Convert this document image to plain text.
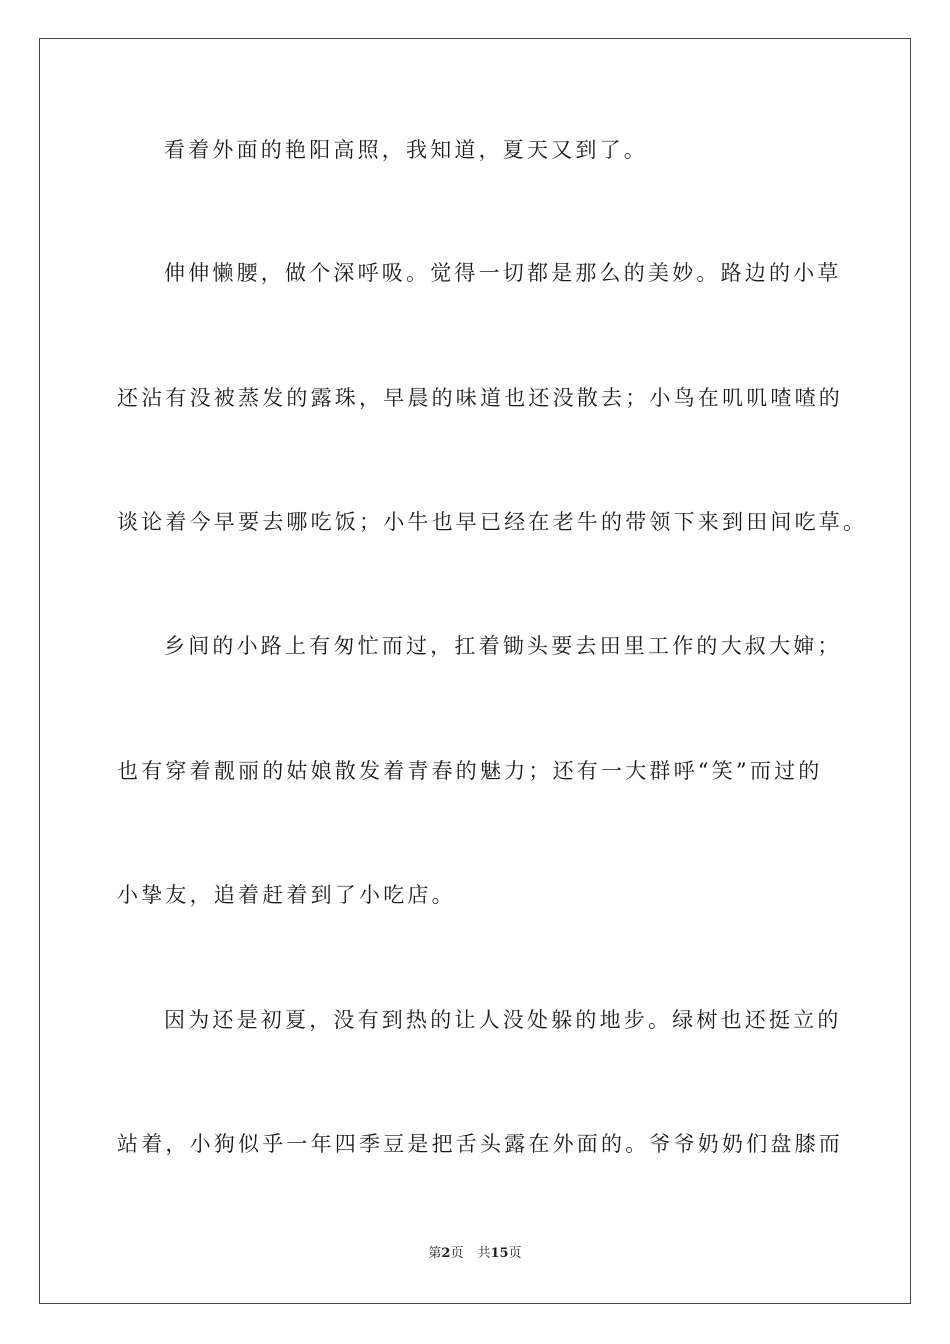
看着外面的艳阳高照，我知道，夏天又到了。
伸伸懒腰，做个深呼吸。觉得一切都是那么的美妙。路边的小草
还沾有没被蒸发的露珠，早晨的味道也还没散去；小鸟在叽叽喳喳的
谈论着今早要去哪吃饭；小牛也早已经在老牛的带领下来到田间吃草。
乡间的小路上有匆忙而过，扛着锄头要去田里工作的大叔大婶；
也有穿着靓丽的姑娘散发着青春的魅力；还有一大群呼“笑”而过的
小挚友，追着赶着到了小吃店。
因为还是初夏，没有到热的让人没处躲的地步。绿树也还挺立的
站着，小狗似乎一年四季豆是把舌头露在外面的。爷爷奶奶们盘膝而
第2页 共15页
